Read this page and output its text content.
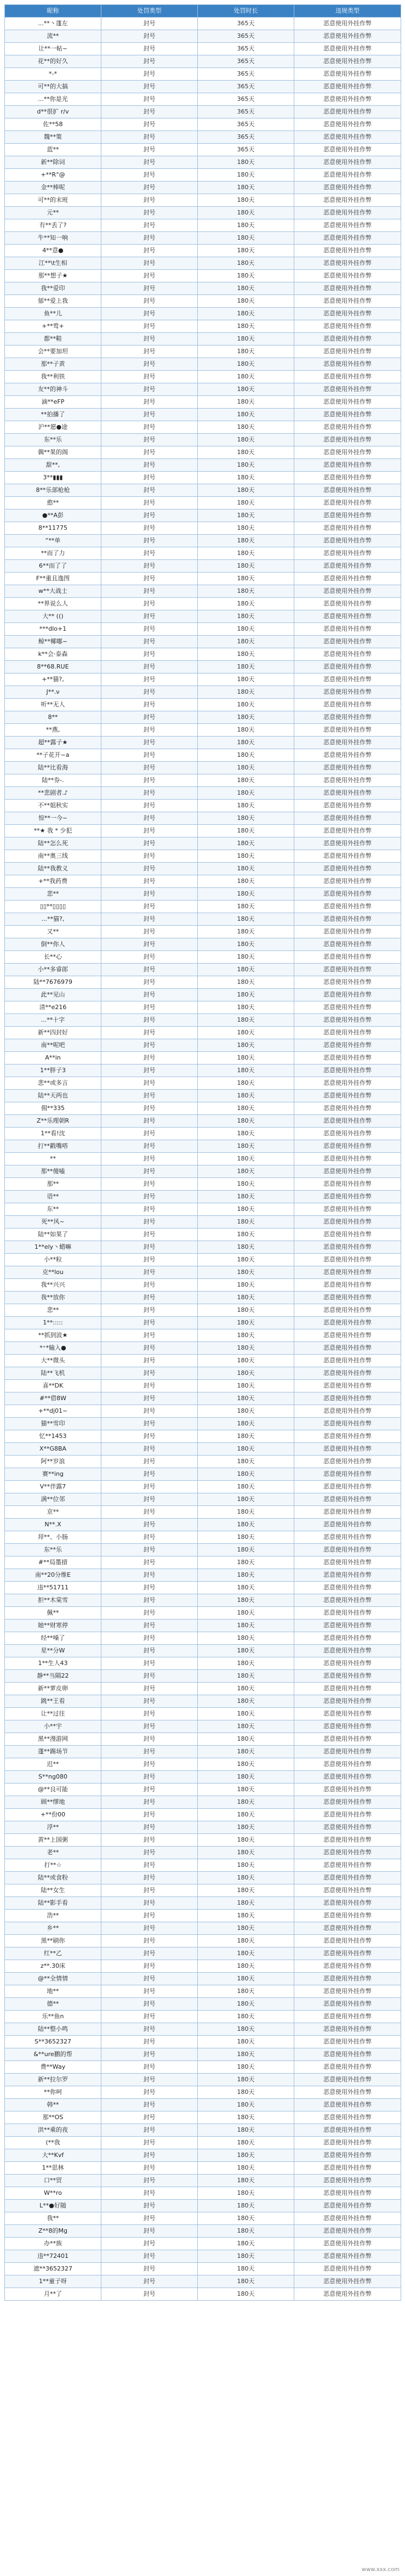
昵称	处罚类型	处罚时长	违规类型
...**丶蓬左	封号	365天	恶意使用外挂作弊
流**	封号	365天	恶意使用外挂作弊
让**一帖~	封号	365天	恶意使用外挂作弊
花**的好久	封号	365天	恶意使用外挂作弊
*-*	封号	365天	恶意使用外挂作弊
可**的大搞	封号	365天	恶意使用外挂作弊
...**你是光	封号	365天	恶意使用外挂作弊
d**很扩 r/v	封号	365天	恶意使用外挂作弊
佐**58	封号	365天	恶意使用外挂作弊
魏**策	封号	365天	恶意使用外挂作弊
蓝**	封号	365天	恶意使用外挂作弊
新**除词	封号	180天	恶意使用外挂作弊
+**R°@	封号	180天	恶意使用外挂作弊
金**棒呢	封号	180天	恶意使用外挂作弊
可**的末班	封号	180天	恶意使用外挂作弊
元**	封号	180天	恶意使用外挂作弊
有**丢了?	封号	180天	恶意使用外挂作弊
牛**知一响	封号	180天	恶意使用外挂作弊
4**意●	封号	180天	恶意使用外挂作弊
江**\t生相	封号	180天	恶意使用外挂作弊
那**想子★	封号	180天	恶意使用外挂作弊
我**爱印	封号	180天	恶意使用外挂作弊
郁**爱上我	封号	180天	恶意使用外挂作弊
鱼**儿	封号	180天	恶意使用外挂作弊
+**莺+	封号	180天	恶意使用外挂作弊
都**鞋	封号	180天	恶意使用外挂作弊
会**要加坦	封号	180天	恶意使用外挂作弊
那**子黄	封号	180天	恶意使用外挂作弊
我**利铁	封号	180天	恶意使用外挂作弊
友**的神斗	封号	180天	恶意使用外挂作弊
滴**eFP	封号	180天	恶意使用外挂作弊
**拍播了	封号	180天	恶意使用外挂作弊
沪**愿●途	封号	180天	恶意使用外挂作弊
东**乐	封号	180天	恶意使用外挂作弊
偶**果的阁	封号	180天	恶意使用外挂作弊
甜**,	封号	180天	恶意使用外挂作弊
3**▮▮▮	封号	180天	恶意使用外挂作弊
8**乐部枪枪	封号	180天	恶意使用外挂作弊
憨**	封号	180天	恶意使用外挂作弊
●**A彭	封号	180天	恶意使用外挂作弊
8**11775	封号	180天	恶意使用外挂作弊
“**单	封号	180天	恶意使用外挂作弊
**而了力	封号	180天	恶意使用外挂作弊
6**而了了	封号	180天	恶意使用外挂作弊
F**重且逸图	封号	180天	恶意使用外挂作弊
w**大战士	封号	180天	恶意使用外挂作弊
**界说么人	封号	180天	恶意使用外挂作弊
大** (()	封号	180天	恶意使用外挂作弊
***dlo+1	封号	180天	恶意使用外挂作弊
鲸**椰嘟~	封号	180天	恶意使用外挂作弊
k**会·泰森	封号	180天	恶意使用外挂作弊
8**68.RUE	封号	180天	恶意使用外挂作弊
+**猫?,	封号	180天	恶意使用外挂作弊
J**.ν	封号	180天	恶意使用外挂作弊
听**无人	封号	180天	恶意使用外挂作弊
8**	封号	180天	恶意使用外挂作弊
**燕,	封号	180天	恶意使用外挂作弊
超**露子★	封号	180天	恶意使用外挂作弊
**子花开~a	封号	180天	恶意使用外挂作弊
陆**比看海	封号	180天	恶意使用外挂作弊
陆**券-.	封号	180天	恶意使用外挂作弊
**悲剧者.♪	封号	180天	恶意使用外挂作弊
不**姐秋实	封号	180天	恶意使用外挂作弊
惊**一今~	封号	180天	恶意使用外挂作弊
**★ 我 * 少犯	封号	180天	恶意使用外挂作弊
陆**怎么死	封号	180天	恶意使用外挂作弊
南**奥三线	封号	180天	恶意使用外挂作弊
陆**我教义	封号	180天	恶意使用外挂作弊
+**我药费	封号	180天	恶意使用外挂作弊
悲**	封号	180天	恶意使用外挂作弊
▯▯**▯▯▯▯	封号	180天	恶意使用外挂作弊
...**猫?,	封号	180天	恶意使用外挂作弊
又**	封号	180天	恶意使用外挂作弊
倒**你人	封号	180天	恶意使用外挂作弊
长**心	封号	180天	恶意使用外挂作弊
小**多睿郎	封号	180天	恶意使用外挂作弊
陆**7676979	封号	180天	恶意使用外挂作弊
此**见山	封号	180天	恶意使用外挂作弊
清**e216	封号	180天	恶意使用外挂作弊
...**十字	封号	180天	恶意使用外挂作弊
新**四封好	封号	180天	恶意使用外挂作弊
南**呢吧	封号	180天	恶意使用外挂作弊
A**in	封号	180天	恶意使用外挂作弊
1**胖子3	封号	180天	恶意使用外挂作弊
悲**或多言	封号	180天	恶意使用外挂作弊
陆**天两也	封号	180天	恶意使用外挂作弊
佣**335	封号	180天	恶意使用外挂作弊
Z**乐理朝R	封号	180天	恶意使用外挂作弊
1**看!沈	封号	180天	恶意使用外挂作弊
打**戳嘴嗒	封号	180天	恶意使用外挂作弊
**	封号	180天	恶意使用外挂作弊
那**傻嗑	封号	180天	恶意使用外挂作弊
那**	封号	180天	恶意使用外挂作弊
语**	封号	180天	恶意使用外挂作弊
东**	封号	180天	恶意使用外挂作弊
死**风~	封号	180天	恶意使用外挂作弊
陆**如果了	封号	180天	恶意使用外挂作弊
1**ely丶蜡嘛	封号	180天	恶意使用外挂作弊
小**粒	封号	180天	恶意使用外挂作弊
克**lou	封号	180天	恶意使用外挂作弊
我**兴兴	封号	180天	恶意使用外挂作弊
我**放你	封号	180天	恶意使用外挂作弊
悲**	封号	180天	恶意使用外挂作弊
1**:::::	封号	180天	恶意使用外挂作弊
**抓到波★	封号	180天	恶意使用外挂作弊
*⁺*输入●	封号	180天	恶意使用外挂作弊
大**微头	封号	180天	恶意使用外挂作弊
陆**飞机	封号	180天	恶意使用外挂作弊
喜**DK	封号	180天	恶意使用外挂作弊
#**借8W	封号	180天	恶意使用外挂作弊
+**dj01~	封号	180天	恶意使用外挂作弊
猫**雪印	封号	180天	恶意使用外挂作弊
忆**1453	封号	180天	恶意使用外挂作弊
X**G8BA	封号	180天	恶意使用外挂作弊
阿**岁浪	封号	180天	恶意使用外挂作弊
赛**ing	封号	180天	恶意使用外挂作弊
V**伴露7	封号	180天	恶意使用外挂作弊
满**位邻	封号	180天	恶意使用外挂作弊
京**	封号	180天	恶意使用外挂作弊
N**.X	封号	180天	恶意使用外挂作弊
拜**、小肠	封号	180天	恶意使用外挂作弊
东**乐	封号	180天	恶意使用外挂作弊
#**局墨措	封号	180天	恶意使用外挂作弊
南**20分维E	封号	180天	恶意使用外挂作弊
违**51711	封号	180天	恶意使用外挂作弊
拒**木棠雪	封号	180天	恶意使用外挂作弊
佩**	封号	180天	恶意使用外挂作弊
她**财寒停	封号	180天	恶意使用外挂作弊
经**嗓了	封号	180天	恶意使用外挂作弊
星**分W	封号	180天	恶意使用外挂作弊
1**生人43	封号	180天	恶意使用外挂作弊
静**当隔22	封号	180天	恶意使用外挂作弊
新**萝皮卵	封号	180天	恶意使用外挂作弊
跳**王看	封号	180天	恶意使用外挂作弊
让**过往	封号	180天	恶意使用外挂作弊
小**宇	封号	180天	恶意使用外挂作弊
黑**漫游网	封号	180天	恶意使用外挂作弊
蓬**踢场节	封号	180天	恶意使用外挂作弊
迟**	封号	180天	恶意使用外挂作弊
S**ng080	封号	180天	恶意使用外挂作弊
@**良可能	封号	180天	恶意使用外挂作弊
顾**缪地	封号	180天	恶意使用外挂作弊
+**份00	封号	180天	恶意使用外挂作弊
浮**	封号	180天	恶意使用外挂作弊
黄**上国粥	封号	180天	恶意使用外挂作弊
老**	封号	180天	恶意使用外挂作弊
打**☆	封号	180天	恶意使用外挂作弊
陆**或食粉	封号	180天	恶意使用外挂作弊
陆**女生	封号	180天	恶意使用外挂作弊
陆**影手看	封号	180天	恶意使用外挂作弊
浩**	封号	180天	恶意使用外挂作弊
乡**	封号	180天	恶意使用外挂作弊
黑**刷你	封号	180天	恶意使用外挂作弊
红**乙	封号	180天	恶意使用外挂作弊
z**.30床	封号	180天	恶意使用外挂作弊
@**全情情	封号	180天	恶意使用外挂作弊
地**	封号	180天	恶意使用外挂作弊
德**	封号	180天	恶意使用外挂作弊
乐**鱼n	封号	180天	恶意使用外挂作弊
陆**整小鸣	封号	180天	恶意使用外挂作弊
S**3652327	封号	180天	恶意使用外挂作弊
&**ure鹏的帮	封号	180天	恶意使用外挂作弊
费**Way	封号	180天	恶意使用外挂作弊
新**拉尔罗	封号	180天	恶意使用外挂作弊
**你呵	封号	180天	恶意使用外挂作弊
韩**	封号	180天	恶意使用外挂作弊
那**OS	封号	180天	恶意使用外挂作弊
洪**乘的夜	封号	180天	恶意使用外挂作弊
(**我	封号	180天	恶意使用外挂作弊
大**Kvf	封号	180天	恶意使用外挂作弊
1**思林	封号	180天	恶意使用外挂作弊
口**贸	封号	180天	恶意使用外挂作弊
W**ro	封号	180天	恶意使用外挂作弊
L**●好随	封号	180天	恶意使用外挂作弊
我**	封号	180天	恶意使用外挂作弊
Z**8的Mg	封号	180天	恶意使用外挂作弊
办**族	封号	180天	恶意使用外挂作弊
违**72401	封号	180天	恶意使用外挂作弊
遮**3652327	封号	180天	恶意使用外挂作弊
1**童子呀	封号	180天	恶意使用外挂作弊
月**了	封号	180天	恶意使用外挂作弊
www.xxx.com
